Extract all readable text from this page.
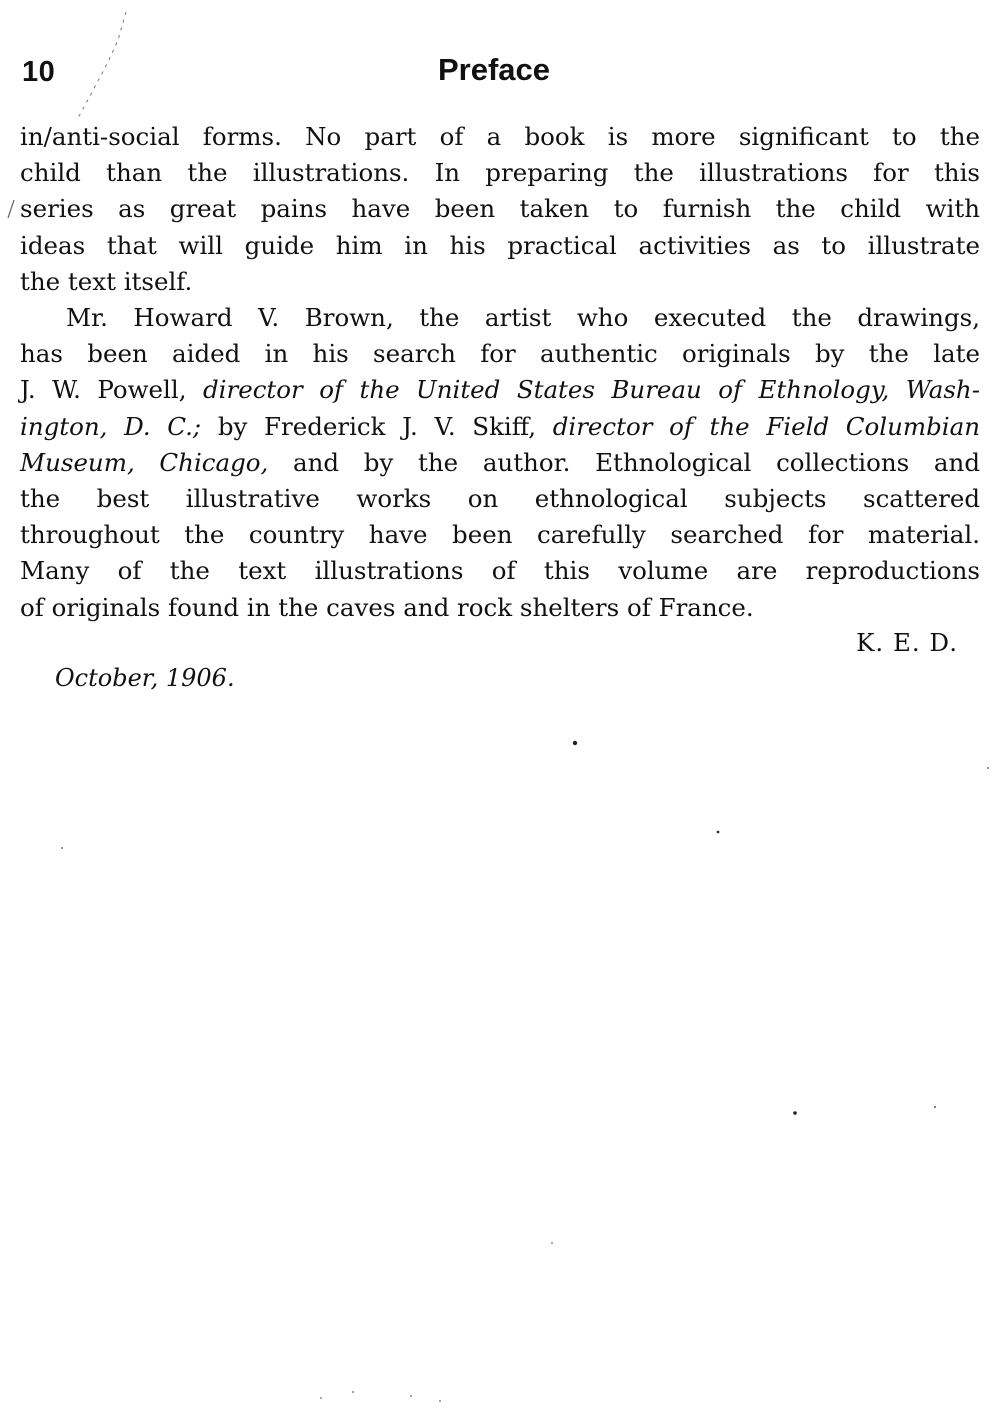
10	Preface
in/anti-social forms. No part of a book is more significant to the
child than the illustrations. In preparing the illustrations for this
series as great pains have been taken to furnish the child with
ideas that will guide him in his practical activities as to illustrate
the text itself.
Mr. Howard V. Brown, the artist who executed the drawings,
has been aided in his search for authentic originals by the late
J. W. Powell, director of the United States Bureau of Ethnology, Wash-
ington, D. C.; by Frederick J. V. Skiff, director of the Field Columbian
Museum, Chicago, and by the author. Ethnological collections and
the best illustrative works on ethnological subjects scattered
throughout the country have been carefully searched for material.
Many of the text illustrations of this volume are reproductions
of originals found in the caves and rock shelters of France.
K. E. D.
October, 1906.
